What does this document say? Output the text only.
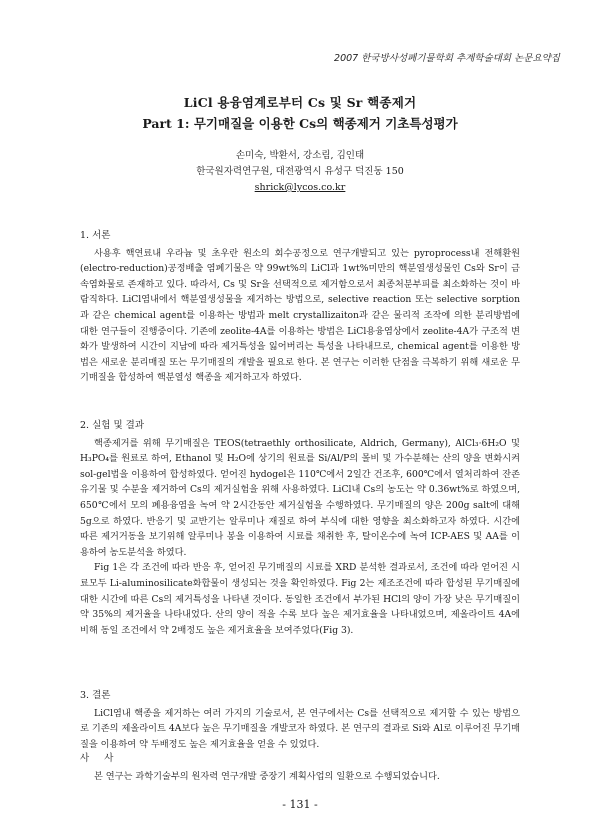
2007 한국방사성폐기물학회 추계학술대회 논문요약집
LiCl 용융염계로부터 Cs 및 Sr 핵종제거
Part 1: 무기매질을 이용한 Cs의 핵종제거 기초특성평가
손미숙, 박환서, 강소림, 김인태
한국원자력연구원, 대전광역시 유성구 덕진동 150
shrick@lycos.co.kr
1. 서론

사용후 핵연료내 우라늄 및 초우란 원소의 회수공정으로 연구개발되고 있는 pyroprocess내 전해환원(electro-reduction)공정배출 염폐기물은 약 99wt%의 LiCl과 1wt%미만의 핵분열생성물인 Cs와 Sr이 금속염화물로 존재하고 있다. 따라서, Cs 및 Sr을 선택적으로 제거함으로서 최종처분부피를 최소화하는 것이 바람직하다. LiCl염내에서 핵분열생성물을 제거하는 방법으로, selective reaction 또는 selective sorption과 같은 chemical agent를 이용하는 방법과 melt crystallizaiton과 같은 물리적 조작에 의한 분리방법에 대한 연구들이 진행중이다. 기존에 zeolite-4A를 이용하는 방법은 LiCl용융염상에서 zeolite-4A가 구조적 변화가 발생하여 시간이 지남에 따라 제거특성을 잃어버리는 특성을 나타내므로, chemical agent를 이용한 방법은 새로운 분리매질 또는 무기매질의 개발을 필요로 한다. 본 연구는 이러한 단점을 극복하기 위해 새로운 무기매질을 합성하여 핵분열성 핵종을 제거하고자 하였다.

2. 실험 및 결과

핵종제거를 위해 무기매질은 TEOS(tetraethly orthosilicate, Aldrich, Germany), AlCl₃·6H₂O 및 H₃PO₄를 원료로 하여, Ethanol 및 H₂O에 상기의 원료를 Si/Al/P의 몰비 및 가수분해는 산의 양을 변화시켜 sol-gel법을 이용하여 합성하였다. 얻어진 hydogel은 110℃에서 2일간 건조후, 600℃에서 열처리하여 잔존유기물 및 수분을 제거하여 Cs의 제거실험을 위해 사용하였다. LiCl내 Cs의 농도는 약 0.36wt%로 하였으며, 650℃에서 모의 폐용융염을 녹여 약 2시간동안 제거실험을 수행하였다. 무기매질의 양은 200g salt에 대해 5g으로 하였다. 반응기 및 교반기는 알루미나 재질로 하여 부식에 대한 영향을 최소화하고자 하였다. 시간에 따른 제거거동을 보기위해 알루미나 봉을 이용하여 시료를 채취한 후, 탈이온수에 녹여 ICP-AES 및 AA를 이용하여 농도분석을 하였다.

Fig 1은 각 조건에 따라 반응 후, 얻어진 무기매질의 시료를 XRD 분석한 결과로서, 조건에 따라 얻어진 시료모두 Li-aluminosilicate화합물이 생성되는 것을 확인하였다. Fig 2는 제조조건에 따라 합성된 무기매질에 대한 시간에 따른 Cs의 제거특성을 나타낸 것이다. 동일한 조건에서 부가된 HCl의 양이 가장 낮은 무기매질이 약 35%의 제거율을 나타내었다. 산의 양이 적을 수록 보다 높은 제거효율을 나타내었으며, 제올라이트 4A에 비해 동일 조건에서 약 2배정도 높은 제거효율을 보여주었다(Fig 3).

3. 결론

LiCl염내 핵종을 제거하는 여러 가지의 기술로서, 본 연구에서는 Cs를 선택적으로 제거할 수 있는 방법으로 기존의 제올라이트 4A보다 높은 무기매질을 개발코자 하였다. 본 연구의 결과로 Si와 Al로 이루어진 무기매질을 이용하여 약 두배정도 높은 제거효율을 얻을 수 있었다.

사 사

본 연구는 과학기술부의 원자력 연구개발 중장기 계획사업의 일환으로 수행되었습니다.

- 131 -
